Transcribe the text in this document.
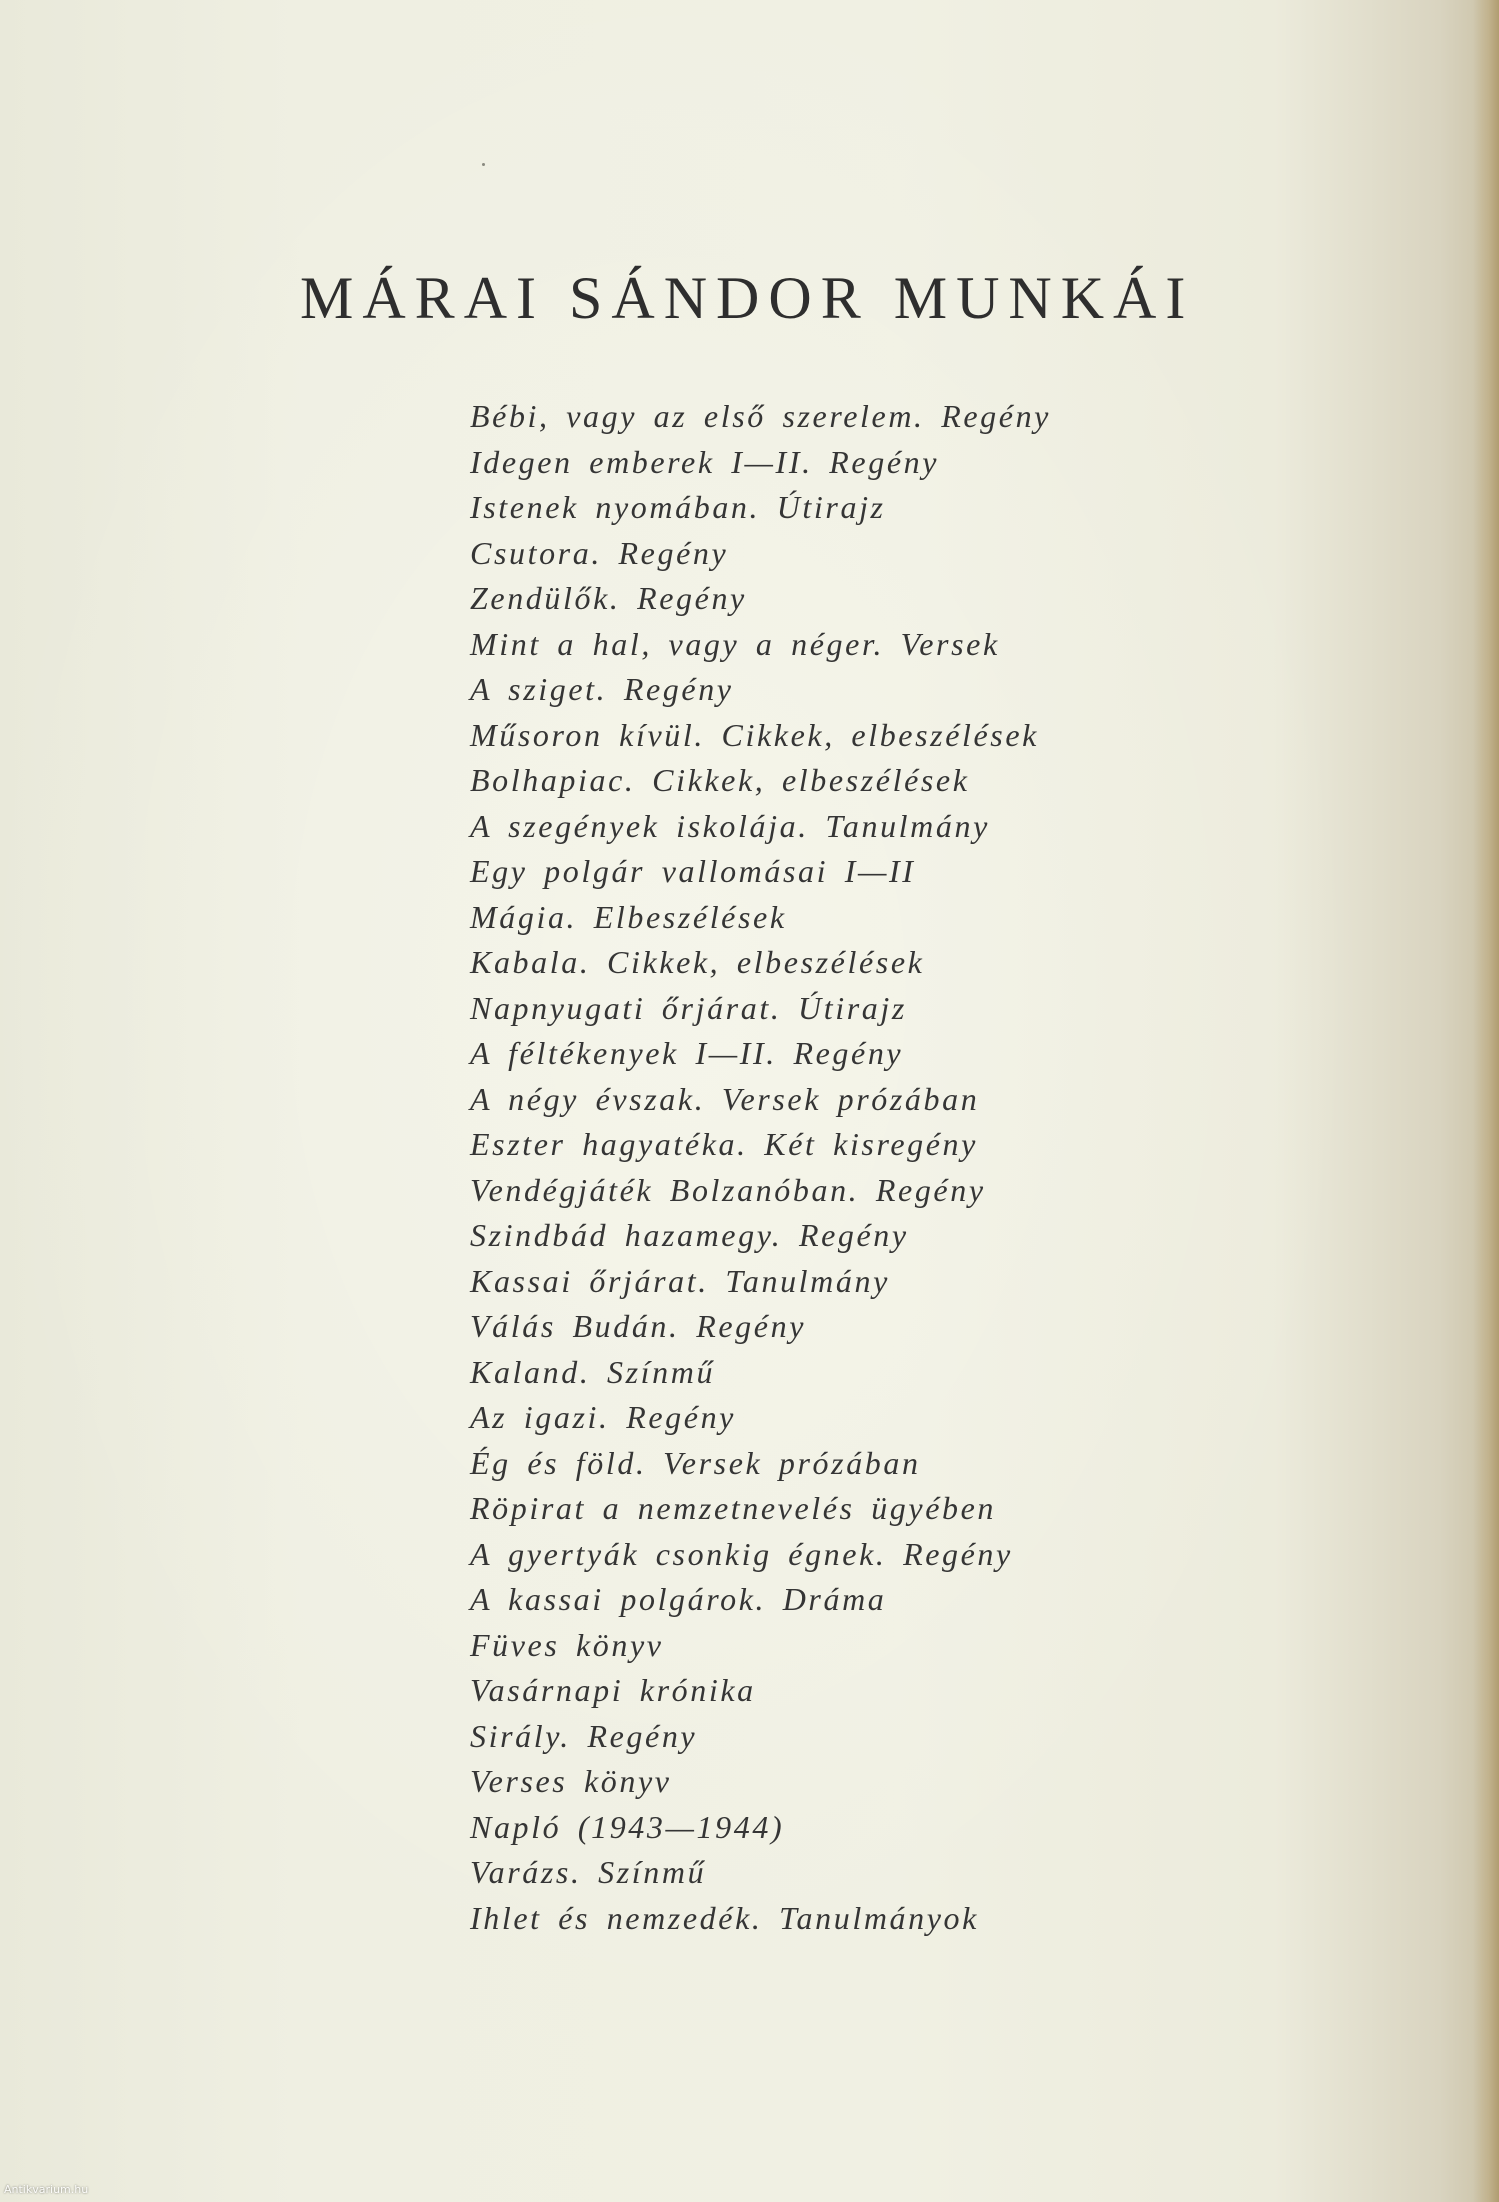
MÁRAI SÁNDOR MUNKÁI
Bébi, vagy az első szerelem. Regény
Idegen emberek I—II. Regény
Istenek nyomában. Útirajz
Csutora. Regény
Zendülők. Regény
Mint a hal, vagy a néger. Versek
A sziget. Regény
Műsoron kívül. Cikkek, elbeszélések
Bolhapiac. Cikkek, elbeszélések
A szegények iskolája. Tanulmány
Egy polgár vallomásai I—II
Mágia. Elbeszélések
Kabala. Cikkek, elbeszélések
Napnyugati őrjárat. Útirajz
A féltékenyek I—II. Regény
A négy évszak. Versek prózában
Eszter hagyatéka. Két kisregény
Vendégjáték Bolzanóban. Regény
Szindbád hazamegy. Regény
Kassai őrjárat. Tanulmány
Válás Budán. Regény
Kaland. Színmű
Az igazi. Regény
Ég és föld. Versek prózában
Röpirat a nemzetnevelés ügyében
A gyertyák csonkig égnek. Regény
A kassai polgárok. Dráma
Füves könyv
Vasárnapi krónika
Sirály. Regény
Verses könyv
Napló (1943—1944)
Varázs. Színmű
Ihlet és nemzedék. Tanulmányok
Antikvarium.hu
